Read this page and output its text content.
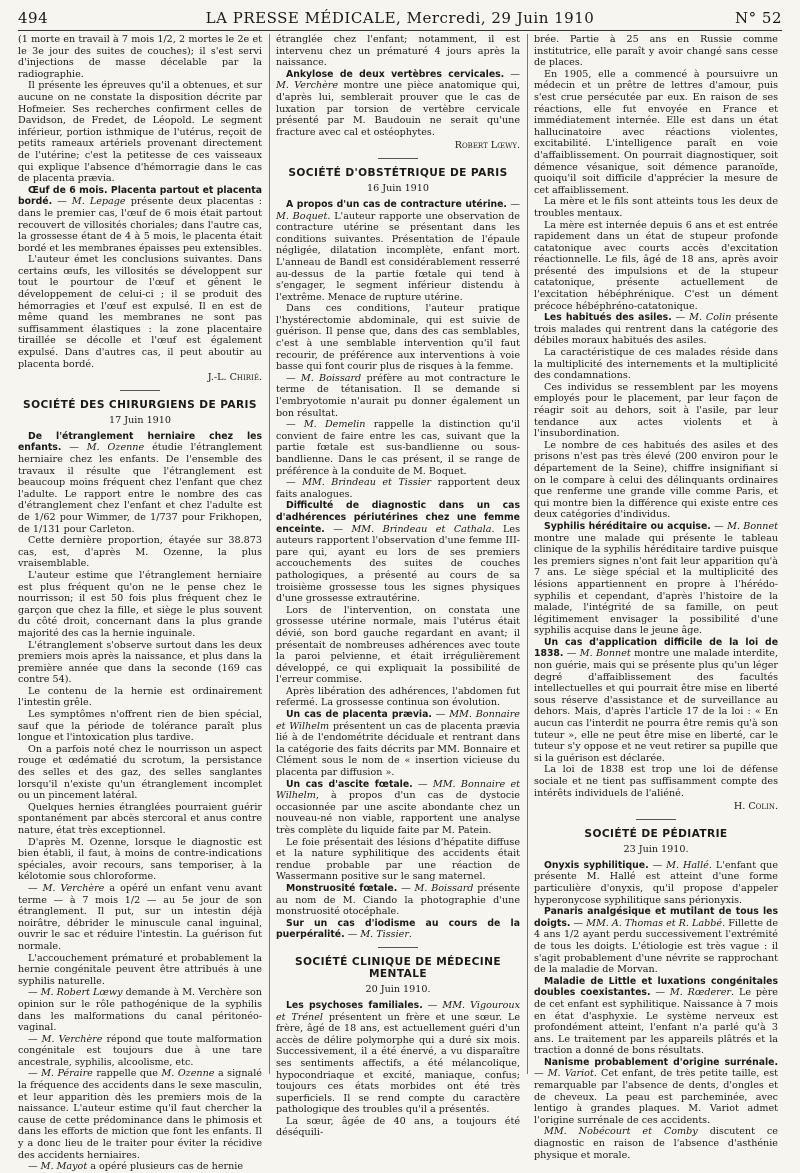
494	LA PRESSE MÉDICALE, Mercredi, 29 Juin 1910	N° 52

(1 morte en travail à 7 mois 1/2, 2 mortes le 2e et le 3e jour des suites de couches); il s'est servi d'injections de masse décelable par la radiographie.

Il présente les épreuves qu'il a obtenues, et sur aucune on ne constate la disposition décrite par Hofmeier. Ses recherches confirment celles de Davidson, de Fredet, de Léopold. Le segment inférieur, portion isthmique de l'utérus, reçoit de petits rameaux artériels provenant directement de l'utérine; c'est la petitesse de ces vaisseaux qui explique l'absence d'hémorragie dans le cas de placenta prævia.

Œuf de 6 mois. Placenta partout et placenta bordé. — M. Lepage présente deux placentas : dans le premier cas, l'œuf de 6 mois était partout recouvert de villosités choriales; dans l'autre cas, la grossesse étant de 4 à 5 mois, le placenta était bordé et les membranes épaisses peu extensibles.

L'auteur émet les conclusions suivantes. Dans certains œufs, les villosités se développent sur tout le pourtour de l'œuf et gênent le développement de celui-ci ; il se produit des hémorragies et l'œuf est expulsé. Il en est de même quand les membranes ne sont pas suffisamment élastiques : la zone placentaire tiraillée se décolle et l'œuf est également expulsé. Dans d'autres cas, il peut aboutir au placenta bordé.

J.-L. Chirié.

SOCIÉTÉ DES CHIRURGIENS DE PARIS
17 Juin 1910

De l'étranglement herniaire chez les enfants. — M. Ozenne étudie l'étranglement herniaire chez les enfants. De l'ensemble des travaux il résulte que l'étranglement est beaucoup moins fréquent chez l'enfant que chez l'adulte. Le rapport entre le nombre des cas d'étranglement chez l'enfant et chez l'adulte est de 1/62 pour Wimmer, de 1/737 pour Frikhopen, de 1/131 pour Carleton.

Cette dernière proportion, étayée sur 38.873 cas, est, d'après M. Ozenne, la plus vraisemblable.

L'auteur estime que l'étranglement herniaire est plus fréquent qu'on ne le pense chez le nourrisson; il est 50 fois plus fréquent chez le garçon que chez la fille, et siège le plus souvent du côté droit, concernant dans la plus grande majorité des cas la hernie inguinale.

L'étranglement s'observe surtout dans les deux premiers mois après la naissance, et plus dans la première année que dans la seconde (169 cas contre 54).

Le contenu de la hernie est ordinairement l'intestin grêle.

Les symptômes n'offrent rien de bien spécial, sauf que la période de tolérance paraît plus longue et l'intoxication plus tardive.

On a parfois noté chez le nourrisson un aspect rouge et œdématié du scrotum, la persistance des selles et des gaz, des selles sanglantes lorsqu'il n'existe qu'un étranglement incomplet ou un pincement latéral.

Quelques hernies étranglées pourraient guérir spontanément par abcès stercoral et anus contre nature, état très exceptionnel.

D'après M. Ozenne, lorsque le diagnostic est bien établi, il faut, à moins de contre-indications spéciales, avoir recours, sans temporiser, à la kélotomie sous chloroforme.

— M. Verchère a opéré un enfant venu avant terme — à 7 mois 1/2 — au 5e jour de son étranglement. Il put, sur un intestin déjà noirâtre, débrider le minuscule canal inguinal, ouvrir le sac et réduire l'intestin. La guérison fut normale.

L'accouchement prématuré et probablement la hernie congénitale peuvent être attribués à une syphilis naturelle.

— M. Robert Lœwy demande à M. Verchère son opinion sur le rôle pathogénique de la syphilis dans les malformations du canal péritonéo-vaginal.

— M. Verchère répond que toute malformation congénitale est toujours due à une tare ancestrale, syphilis, alcoolisme, etc.

— M. Péraire rappelle que M. Ozenne a signalé la fréquence des accidents dans le sexe masculin, et leur apparition dès les premiers mois de la naissance. L'auteur estime qu'il faut chercher la cause de cette prédominance dans le phimosis et dans les efforts de miction que font les enfants. Il y a donc lieu de le traiter pour éviter la récidive des accidents herniaires.

— M. Mayot a opéré plusieurs cas de hernie

étranglée chez l'enfant; notamment, il est intervenu chez un prématuré 4 jours après la naissance.

Ankylose de deux vertèbres cervicales. — M. Verchère montre une pièce anatomique qui, d'après lui, semblerait prouver que le cas de luxation par torsion de vertèbre cervicale présenté par M. Baudouin ne serait qu'une fracture avec cal et ostéophytes.

Robert Lœwy.

SOCIÉTÉ D'OBSTÉTRIQUE DE PARIS
16 Juin 1910

A propos d'un cas de contracture utérine. — M. Boquet. L'auteur rapporte une observation de contracture utérine se présentant dans les conditions suivantes. Présentation de l'épaule négligée, dilatation incomplète, enfant mort. L'anneau de Bandl est considérablement resserré au-dessus de la partie fœtale qui tend à s'engager, le segment inférieur distendu à l'extrême. Menace de rupture utérine.

Dans ces conditions, l'auteur pratique l'hystérectomie abdominale, qui est suivie de guérison. Il pense que, dans des cas semblables, c'est à une semblable intervention qu'il faut recourir, de préférence aux interventions à voie basse qui font courir plus de risques à la femme.

— M. Boissard préfère au mot contracture le terme de tétanisation. Il se demande si l'embryotomie n'aurait pu donner également un bon résultat.

— M. Demelin rappelle la distinction qu'il convient de faire entre les cas, suivant que la partie fœtale est sus-bandlienne ou sous-bandlienne. Dans le cas présent, il se range de préférence à la conduite de M. Boquet.

— MM. Brindeau et Tissier rapportent deux faits analogues.

Difficulté de diagnostic dans un cas d'adhérences périutérines chez une femme enceinte. — MM. Brindeau et Cathala. Les auteurs rapportent l'observation d'une femme III-pare qui, ayant eu lors de ses premiers accouchements des suites de couches pathologiques, a présenté au cours de sa troisième grossesse tous les signes physiques d'une grossesse extrautérine.

Lors de l'intervention, on constata une grossesse utérine normale, mais l'utérus était dévié, son bord gauche regardant en avant; il présentait de nombreuses adhérences avec toute la paroi pelvienne, et était irrégulièrement développé, ce qui expliquait la possibilité de l'erreur commise.

Après libération des adhérences, l'abdomen fut refermé. La grossesse continua son évolution.

Un cas de placenta prævia. — MM. Bonnaire et Wilhelm présentent un cas de placenta prævia lié à de l'endométrite déciduale et rentrant dans la catégorie des faits décrits par MM. Bonnaire et Clément sous le nom de « insertion vicieuse du placenta par diffusion ».

Un cas d'ascite fœtale. — MM. Bonnaire et Wilhelm, à propos d'un cas de dystocie occasionnée par une ascite abondante chez un nouveau-né non viable, rapportent une analyse très complète du liquide faite par M. Patein.

Le foie présentait des lésions d'hépatite diffuse et la nature syphilitique des accidents était rendue probable par une réaction de Wassermann positive sur le sang maternel.

Monstruosité fœtale. — M. Boissard présente au nom de M. Ciando la photographie d'une monstruosité otocéphale.

Sur un cas d'iodisme au cours de la puerpéralité. — M. Tissier.

SOCIÉTÉ CLINIQUE DE MÉDECINE MENTALE
20 Juin 1910.

Les psychoses familiales. — MM. Vigouroux et Trénel présentent un frère et une sœur. Le frère, âgé de 18 ans, est actuellement guéri d'un accès de délire polymorphe qui a duré six mois. Successivement, il a été énervé, a vu disparaître ses sentiments affectifs, a été mélancolique, hypocondriaque et excité, maniaque, confus; toujours ces états morbides ont été très superficiels. Il se rend compte du caractère pathologique des troubles qu'il a présentés.

La sœur, âgée de 40 ans, a toujours été déséquili-

brée. Partie à 25 ans en Russie comme institutrice, elle paraît y avoir changé sans cesse de places.

En 1905, elle a commencé à poursuivre un médecin et un prêtre de lettres d'amour, puis s'est crue persécutée par eux. En raison de ses réactions, elle fut envoyée en France et immédiatement internée. Elle est dans un état hallucinatoire avec réactions violentes, excitabilité. L'intelligence paraît en voie d'affaiblissement. On pourrait diagnostiquer, soit démence vésanique, soit démence paranoïde, quoiqu'il soit difficile d'apprécier la mesure de cet affaiblissement.

La mère et le fils sont atteints tous les deux de troubles mentaux.

La mère est internée depuis 6 ans et est entrée rapidement dans un état de stupeur profonde catatonique avec courts accès d'excitation réactionnelle. Le fils, âgé de 18 ans, après avoir présenté des impulsions et de la stupeur catatonique, présente actuellement de l'excitation hébéphrénique. C'est un dément précoce hébéphréno-catatonique.

Les habitués des asiles. — M. Colin présente trois malades qui rentrent dans la catégorie des débiles moraux habitués des asiles.

La caractéristique de ces malades réside dans la multiplicité des internements et la multiplicité des condamnations.

Ces individus se ressemblent par les moyens employés pour le placement, par leur façon de réagir soit au dehors, soit à l'asile, par leur tendance aux actes violents et à l'insubordination.

Le nombre de ces habitués des asiles et des prisons n'est pas très élevé (200 environ pour le département de la Seine), chiffre insignifiant si on le compare à celui des délinquants ordinaires que renferme une grande ville comme Paris, et qui montre bien la différence qui existe entre ces deux catégories d'individus.

Syphilis héréditaire ou acquise. — M. Bonnet montre une malade qui présente le tableau clinique de la syphilis héréditaire tardive puisque les premiers signes n'ont fait leur apparition qu'à 7 ans. Le siège spécial et la multiplicité des lésions appartiennent en propre à l'hérédo-syphilis et cependant, d'après l'histoire de la malade, l'intégrité de sa famille, on peut légitimement envisager la possibilité d'une syphilis acquise dans le jeune âge.

Un cas d'application difficile de la loi de 1838. — M. Bonnet montre une malade interdite, non guérie, mais qui se présente plus qu'un léger degré d'affaiblissement des facultés intellectuelles et qui pourrait être mise en liberté sous réserve d'assistance et de surveillance au dehors. Mais, d'après l'article 17 de la loi : « En aucun cas l'interdit ne pourra être remis qu'à son tuteur », elle ne peut être mise en liberté, car le tuteur s'y oppose et ne veut retirer sa pupille que si la guérison est déclarée.

La loi de 1838 est trop une loi de défense sociale et ne tient pas suffisamment compte des intérêts individuels de l'aliéné.

H. Colin.

SOCIÉTÉ DE PÉDIATRIE
23 Juin 1910.

Onyxis syphilitique. — M. Hallé. L'enfant que présente M. Hallé est atteint d'une forme particulière d'onyxis, qu'il propose d'appeler hyperonycose syphilitique sans périonyxis.

Panaris analgésique et mutilant de tous les doigts. — MM. A. Thomas et R. Labbé. Fillette de 4 ans 1/2 ayant perdu successivement l'extrémité de tous les doigts. L'étiologie est très vague : il s'agit probablement d'une névrite se rapprochant de la maladie de Morvan.

Maladie de Little et luxations congénitales doubles coexistantes. — M. Rœderer. Le père de cet enfant est syphilitique. Naissance à 7 mois en état d'asphyxie. Le système nerveux est profondément atteint, l'enfant n'a parlé qu'à 3 ans. Le traitement par les appareils plâtrés et la traction a donné de bons résultats.

Nanisme probablement d'origine surrénale. — M. Variot. Cet enfant, de très petite taille, est remarquable par l'absence de dents, d'ongles et de cheveux. La peau est parcheminée, avec lentigo à grandes plaques. M. Variot admet l'origine surrénale de ces accidents.

MM. Nobécourt et Comby discutent ce diagnostic en raison de l'absence d'asthénie physique et morale.
